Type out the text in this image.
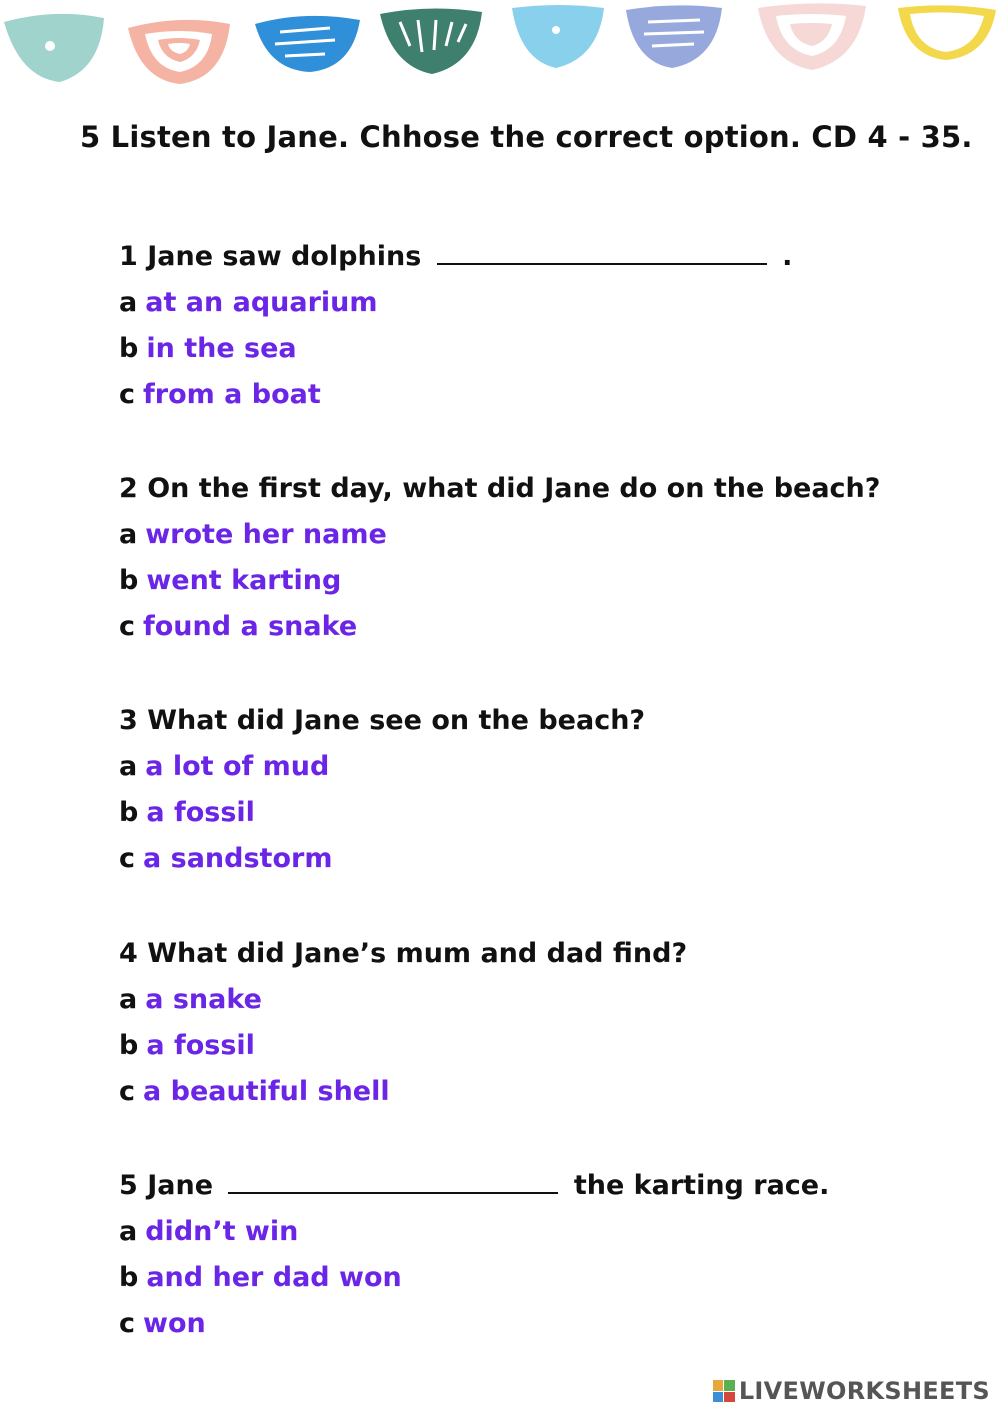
5 Listen to Jane. Chhose the correct option. CD 4 - 35.
1 Jane saw dolphins	.
a at an aquarium
b in the sea
c from a boat
2 On the first day, what did Jane do on the beach?
a wrote her name
b went karting
c found a snake
3 What did Jane see on the beach?
a a lot of mud
b a fossil
c a sandstorm
4 What did Jane’s mum and dad find?
a a snake
b a fossil
c a beautiful shell
5 Jane	the karting race.
a didn’t win
b and her dad won
c won
LIVEWORKSHEETS
